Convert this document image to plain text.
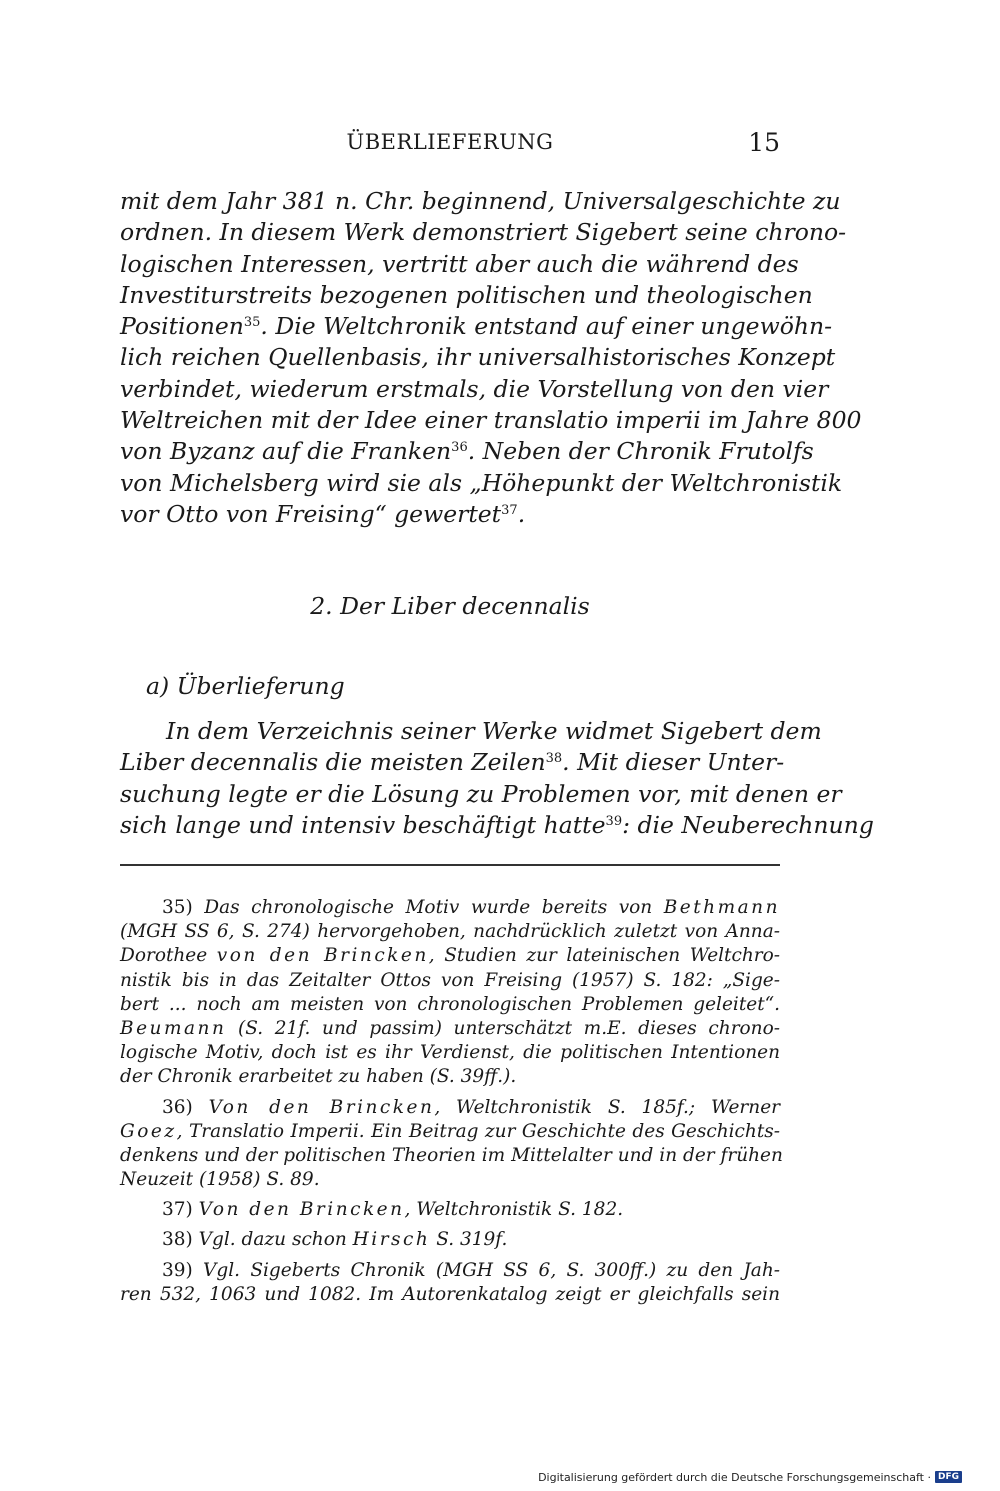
ÜBERLIEFERUNG	15
mit dem Jahr 381 n. Chr. beginnend, Universalgeschichte zu
ordnen. In diesem Werk demonstriert Sigebert seine chrono-
logischen Interessen, vertritt aber auch die während des
Investiturstreits bezogenen politischen und theologischen
Positionen$^{35}$. Die Weltchronik entstand auf einer ungewöhn-
lich reichen Quellenbasis, ihr universalhistorisches Konzept
verbindet, wiederum erstmals, die Vorstellung von den vier
Weltreichen mit der Idee einer translatio imperii im Jahre 800
von Byzanz auf die Franken$^{36}$. Neben der Chronik Frutolfs
von Michelsberg wird sie als „Höhepunkt der Weltchronistik
vor Otto von Freising“ gewertet$^{37}$.
2. Der Liber decennalis
a) Überlieferung
In dem Verzeichnis seiner Werke widmet Sigebert dem
Liber decennalis die meisten Zeilen$^{38}$. Mit dieser Unter-
suchung legte er die Lösung zu Problemen vor, mit denen er
sich lange und intensiv beschäftigt hatte$^{39}$: die Neuberechnung
35) Das chronologische Motiv wurde bereits von Bethmann
(MGH SS 6, S. 274) hervorgehoben, nachdrücklich zuletzt von Anna-
Dorothee von den Brincken, Studien zur lateinischen Weltchro-
nistik bis in das Zeitalter Ottos von Freising (1957) S. 182: „Sige-
bert ... noch am meisten von chronologischen Problemen geleitet“.
Beumann (S. 21f. und passim) unterschätzt m.E. dieses chrono-
logische Motiv, doch ist es ihr Verdienst, die politischen Intentionen
der Chronik erarbeitet zu haben (S. 39ff.).
36) Von den Brincken, Weltchronistik S. 185f.; Werner
Goez, Translatio Imperii. Ein Beitrag zur Geschichte des Geschichts-
denkens und der politischen Theorien im Mittelalter und in der frühen
Neuzeit (1958) S. 89.
37) Von den Brincken, Weltchronistik S. 182.
38) Vgl. dazu schon Hirsch S. 319f.
39) Vgl. Sigeberts Chronik (MGH SS 6, S. 300ff.) zu den Jah-
ren 532, 1063 und 1082. Im Autorenkatalog zeigt er gleichfalls sein
Digitalisierung gefördert durch die Deutsche Forschungsgemeinschaft · DFG
